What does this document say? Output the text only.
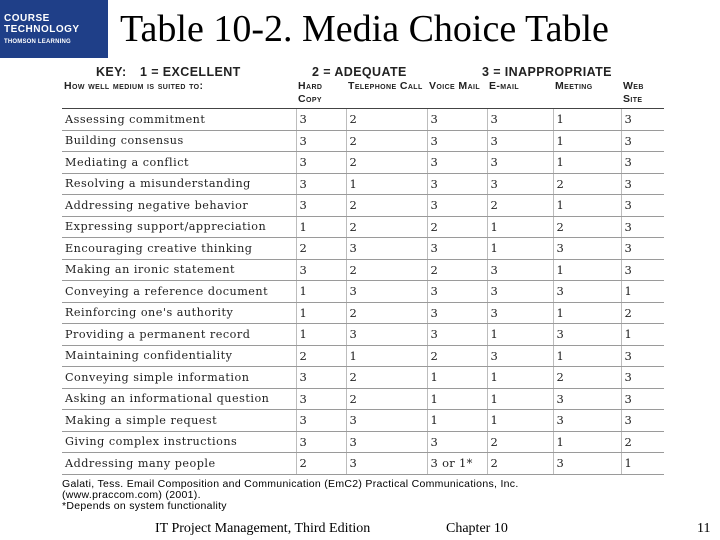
COURSE
TECHNOLOGY
THOMSON LEARNING	Table 10-2. Media Choice Table
KEY: 1 = EXCELLENT	2 = ADEQUATE	3 = INAPPROPRIATE
How well medium is suited to:	Hard Copy	Telephone Call	Voice Mail	E-mail	Meeting	Web Site
Assessing commitment	3	2	3	3	1	3
Building consensus	3	2	3	3	1	3
Mediating a conflict	3	2	3	3	1	3
Resolving a misunderstanding	3	1	3	3	2	3
Addressing negative behavior	3	2	3	2	1	3
Expressing support/appreciation	1	2	2	1	2	3
Encouraging creative thinking	2	3	3	1	3	3
Making an ironic statement	3	2	2	3	1	3
Conveying a reference document	1	3	3	3	3	1
Reinforcing one's authority	1	2	3	3	1	2
Providing a permanent record	1	3	3	1	3	1
Maintaining confidentiality	2	1	2	3	1	3
Conveying simple information	3	2	1	1	2	3
Asking an informational question	3	2	1	1	3	3
Making a simple request	3	3	1	1	3	3
Giving complex instructions	3	3	3	2	1	2
Addressing many people	2	3	3 or 1*	2	3	1
Galati, Tess. Email Composition and Communication (EmC2) Practical Communications, Inc.
(www.praccom.com) (2001).
*Depends on system functionality
IT Project Management, Third Edition	Chapter 10	11
